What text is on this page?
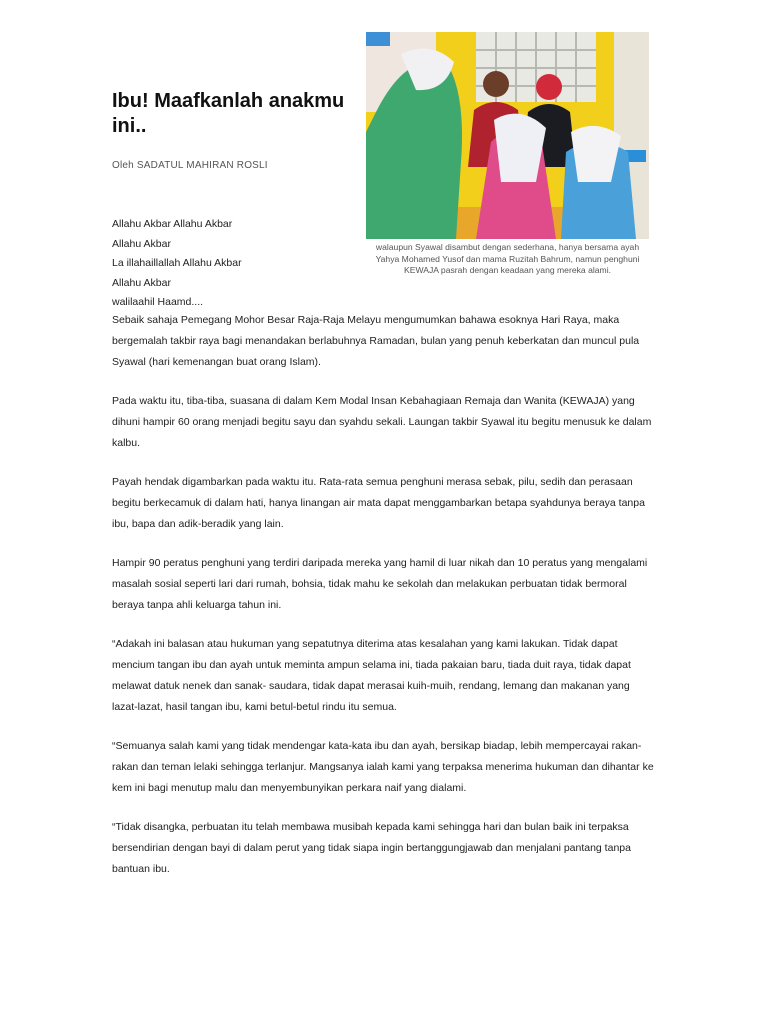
Ibu! Maafkanlah anakmu ini..

Oleh SADATUL MAHIRAN ROSLI

walaupun Syawal disambut dengan sederhana, hanya bersama ayah Yahya Mohamed Yusof dan mama Ruzitah Bahrum, namun penghuni KEWAJA pasrah dengan keadaan yang mereka alami.

Allahu Akbar Allahu Akbar
Allahu Akbar
La illahaillallah Allahu Akbar
Allahu Akbar
walilaahil Haamd....

Sebaik sahaja Pemegang Mohor Besar Raja-Raja Melayu mengumumkan bahawa esoknya Hari Raya, maka bergemalah takbir raya bagi menandakan berlabuhnya Ramadan, bulan yang penuh keberkatan dan muncul pula Syawal (hari kemenangan buat orang Islam).

Pada waktu itu, tiba-tiba, suasana di dalam Kem Modal Insan Kebahagiaan Remaja dan Wanita (KEWAJA) yang dihuni hampir 60 orang menjadi begitu sayu dan syahdu sekali. Laungan takbir Syawal itu begitu menusuk ke dalam kalbu.

Payah hendak digambarkan pada waktu itu. Rata-rata semua penghuni merasa sebak, pilu, sedih dan perasaan begitu berkecamuk di dalam hati, hanya linangan air mata dapat menggambarkan betapa syahdunya beraya tanpa ibu, bapa dan adik-beradik yang lain.

Hampir 90 peratus penghuni yang terdiri daripada mereka yang hamil di luar nikah dan 10 peratus yang mengalami masalah sosial seperti lari dari rumah, bohsia, tidak mahu ke sekolah dan melakukan perbuatan tidak bermoral beraya tanpa ahli keluarga tahun ini.

“Adakah ini balasan atau hukuman yang sepatutnya diterima atas kesalahan yang kami lakukan. Tidak dapat mencium tangan ibu dan ayah untuk meminta ampun selama ini, tiada pakaian baru, tiada duit raya, tidak dapat melawat datuk nenek dan sanak- saudara, tidak dapat merasai kuih-muih, rendang, lemang dan makanan yang lazat-lazat, hasil tangan ibu, kami betul-betul rindu itu semua.

“Semuanya salah kami yang tidak mendengar kata-kata ibu dan ayah, bersikap biadap, lebih mempercayai rakan-rakan dan teman lelaki sehingga terlanjur. Mangsanya ialah kami yang terpaksa menerima hukuman dan dihantar ke kem ini bagi menutup malu dan menyembunyikan perkara naif yang dialami.

“Tidak disangka, perbuatan itu telah membawa musibah kepada kami sehingga hari dan bulan baik ini terpaksa bersendirian dengan bayi di dalam perut yang tidak siapa ingin bertanggungjawab dan menjalani pantang tanpa bantuan ibu.
